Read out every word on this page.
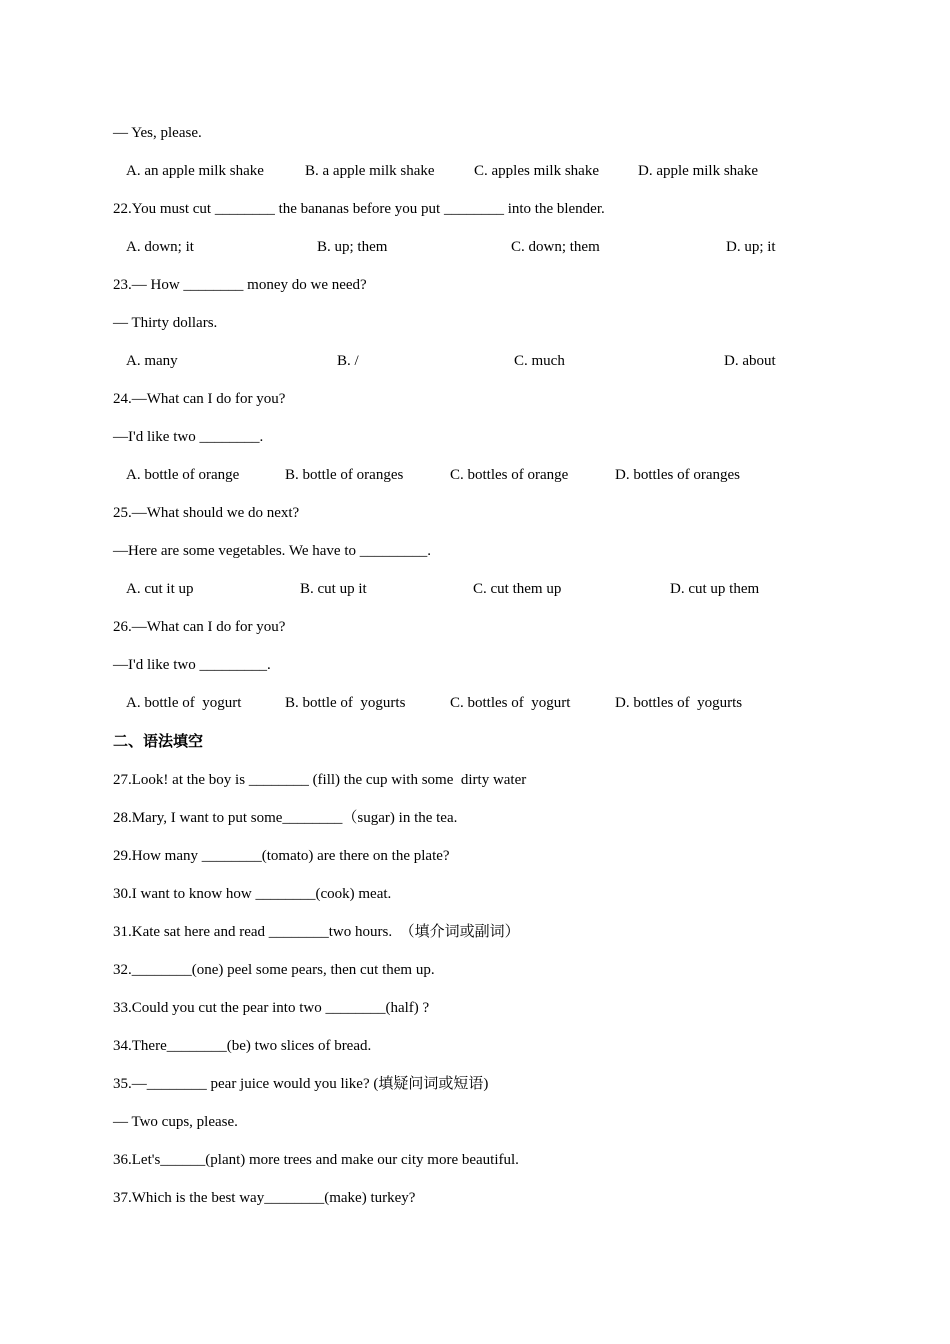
— Yes, please.
A. an apple milk shake	B. a apple milk shake	C. apples milk shake	D. apple milk shake
22.You must cut ________ the bananas before you put ________ into the blender.
A. down; it	B. up; them	C. down; them	D. up; it
23.— How ________ money do we need?
— Thirty dollars.
A. many	B. /	C. much	D. about
24.—What can I do for you?
—I'd like two ________.
A. bottle of orange	B. bottle of oranges	C. bottles of orange	D. bottles of oranges
25.—What should we do next?
—Here are some vegetables. We have to _________.
A. cut it up	B. cut up it	C. cut them up	D. cut up them
26.—What can I do for you?
—I'd like two _________.
A. bottle of  yogurt	B. bottle of  yogurts	C. bottles of  yogurt	D. bottles of  yogurts
二、语法填空
27.Look! at the boy is ________ (fill) the cup with some  dirty water
28.Mary, I want to put some________（sugar) in the tea.
29.How many ________(tomato) are there on the plate?
30.I want to know how ________(cook) meat.
31.Kate sat here and read ________two hours.  （填介词或副词）
32.________(one) peel some pears, then cut them up.
33.Could you cut the pear into two ________(half) ?
34.There________(be) two slices of bread.
35.—________ pear juice would you like? (填疑问词或短语)
— Two cups, please.
36.Let's______(plant) more trees and make our city more beautiful.
37.Which is the best way________(make) turkey?
